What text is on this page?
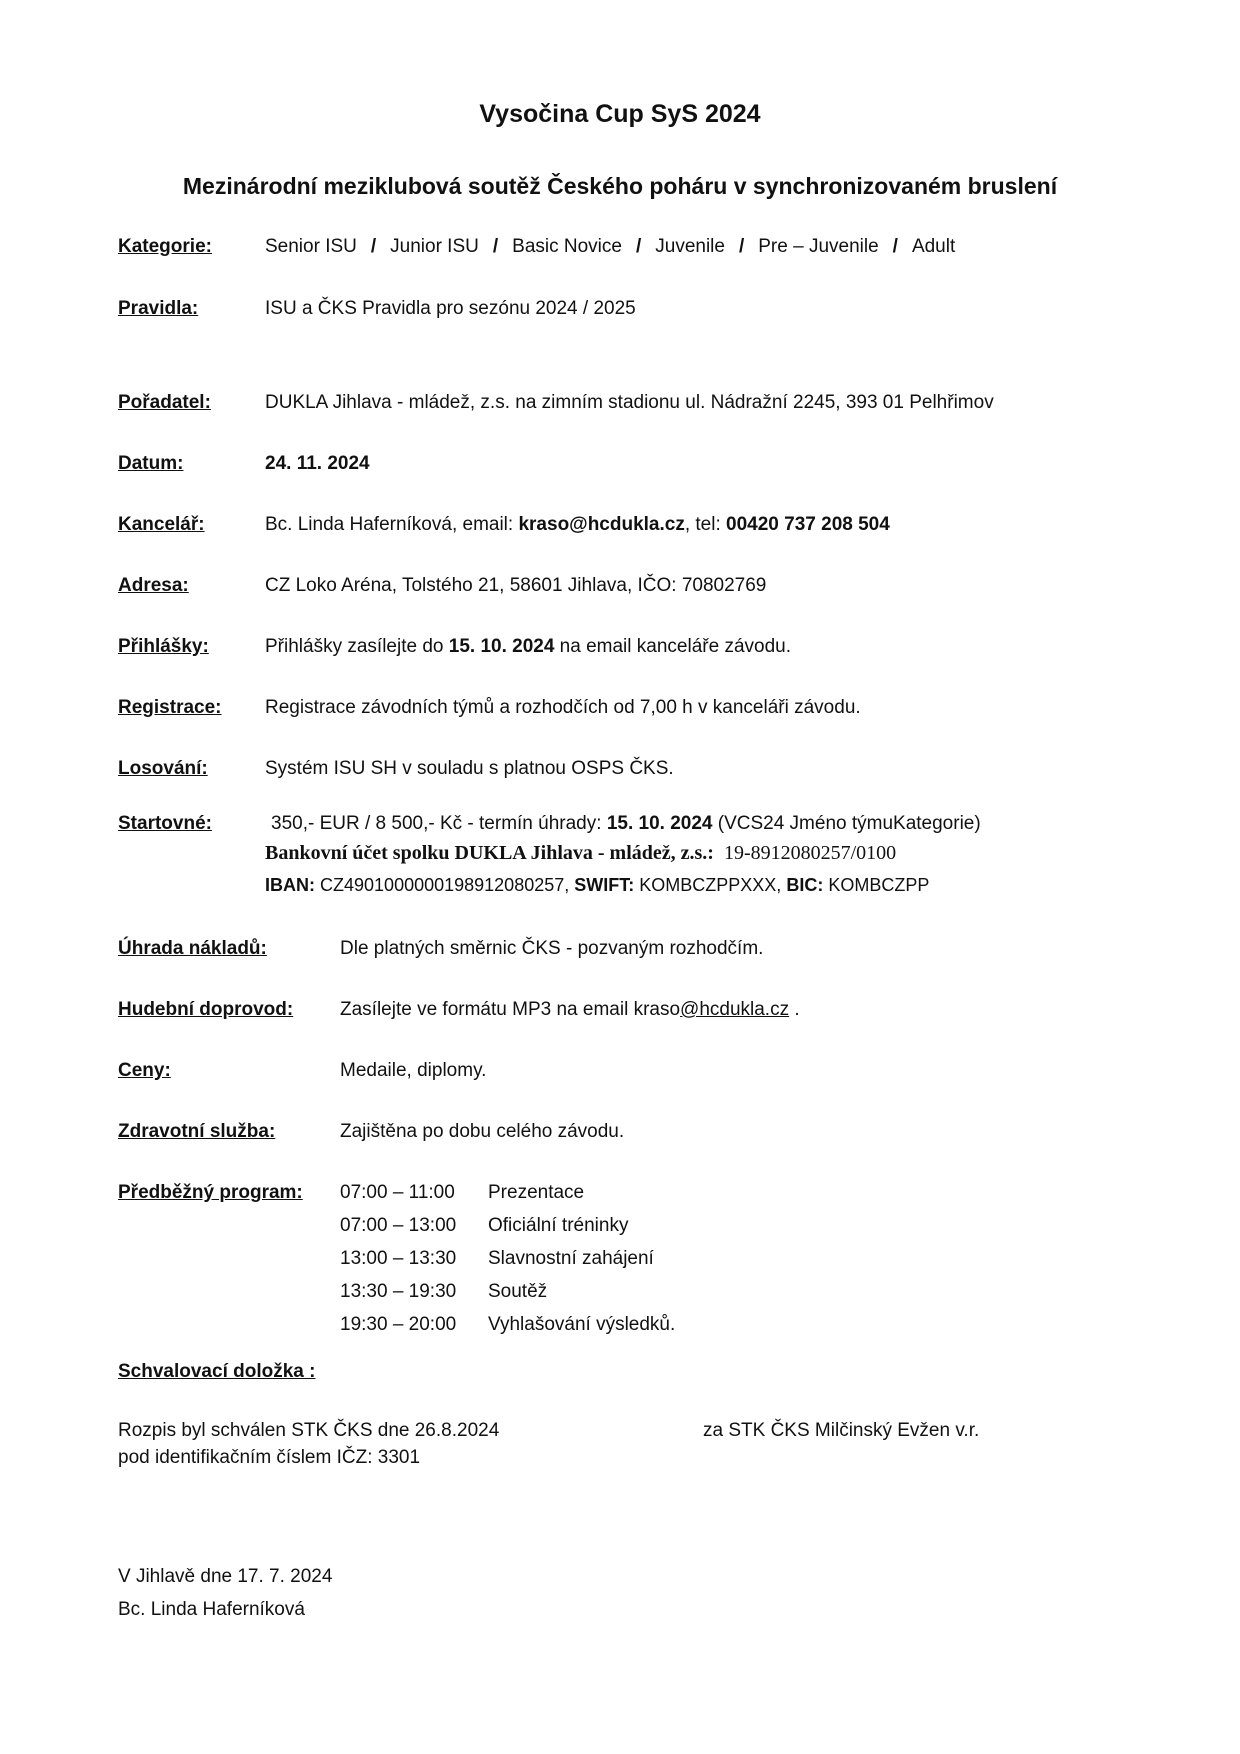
Vysočina Cup SyS 2024
Mezinárodní meziklubová soutěž Českého poháru v synchronizovaném bruslení
Kategorie:	Senior ISU / Junior ISU / Basic Novice / Juvenile / Pre – Juvenile / Adult
Pravidla:	ISU a ČKS Pravidla pro sezónu 2024 / 2025
Pořadatel:	DUKLA Jihlava - mládež, z.s. na zimním stadionu ul. Nádražní 2245, 393 01 Pelhřimov
Datum:	24. 11. 2024
Kancelář:	Bc. Linda Haferníková, email: kraso@hcdukla.cz, tel: 00420 737 208 504
Adresa:	CZ Loko Aréna, Tolstého 21, 58601 Jihlava, IČO: 70802769
Přihlášky:	Přihlášky zasílejte do 15. 10. 2024 na email kanceláře závodu.
Registrace: Registrace závodních týmů a rozhodčích od 7,00 h v kanceláři závodu.
Losování:	Systém ISU SH v souladu s platnou OSPS ČKS.
Startovné:	350,- EUR / 8 500,- Kč - termín úhrady: 15. 10. 2024 (VCS24 Jméno týmuKategorie)
Bankovní účet spolku DUKLA Jihlava - mládež, z.s.: 19-8912080257/0100
IBAN: CZ4901000000198912080257, SWIFT: KOMBCZPPXXX, BIC: KOMBCZPP
Úhrada nákladů:	Dle platných směrnic ČKS - pozvaným rozhodčím.
Hudební doprovod: Zasílejte ve formátu MP3 na email kraso@hcdukla.cz .
Ceny:	Medaile, diplomy.
Zdravotní služba:	Zajištěna po dobu celého závodu.
Předběžný program: 07:00 – 11:00 Prezentace
07:00 – 13:00 Oficiální tréninky
13:00 – 13:30 Slavnostní zahájení
13:30 – 19:30 Soutěž
19:30 – 20:00 Vyhlašování výsledků.
Schvalovací doložka :
Rozpis byl schválen STK ČKS dne 26.8.2024	za STK ČKS Milčinský Evžen v.r.
pod identifikačním číslem IČZ: 3301
V Jihlavě dne 17. 7. 2024
Bc. Linda Haferníková
